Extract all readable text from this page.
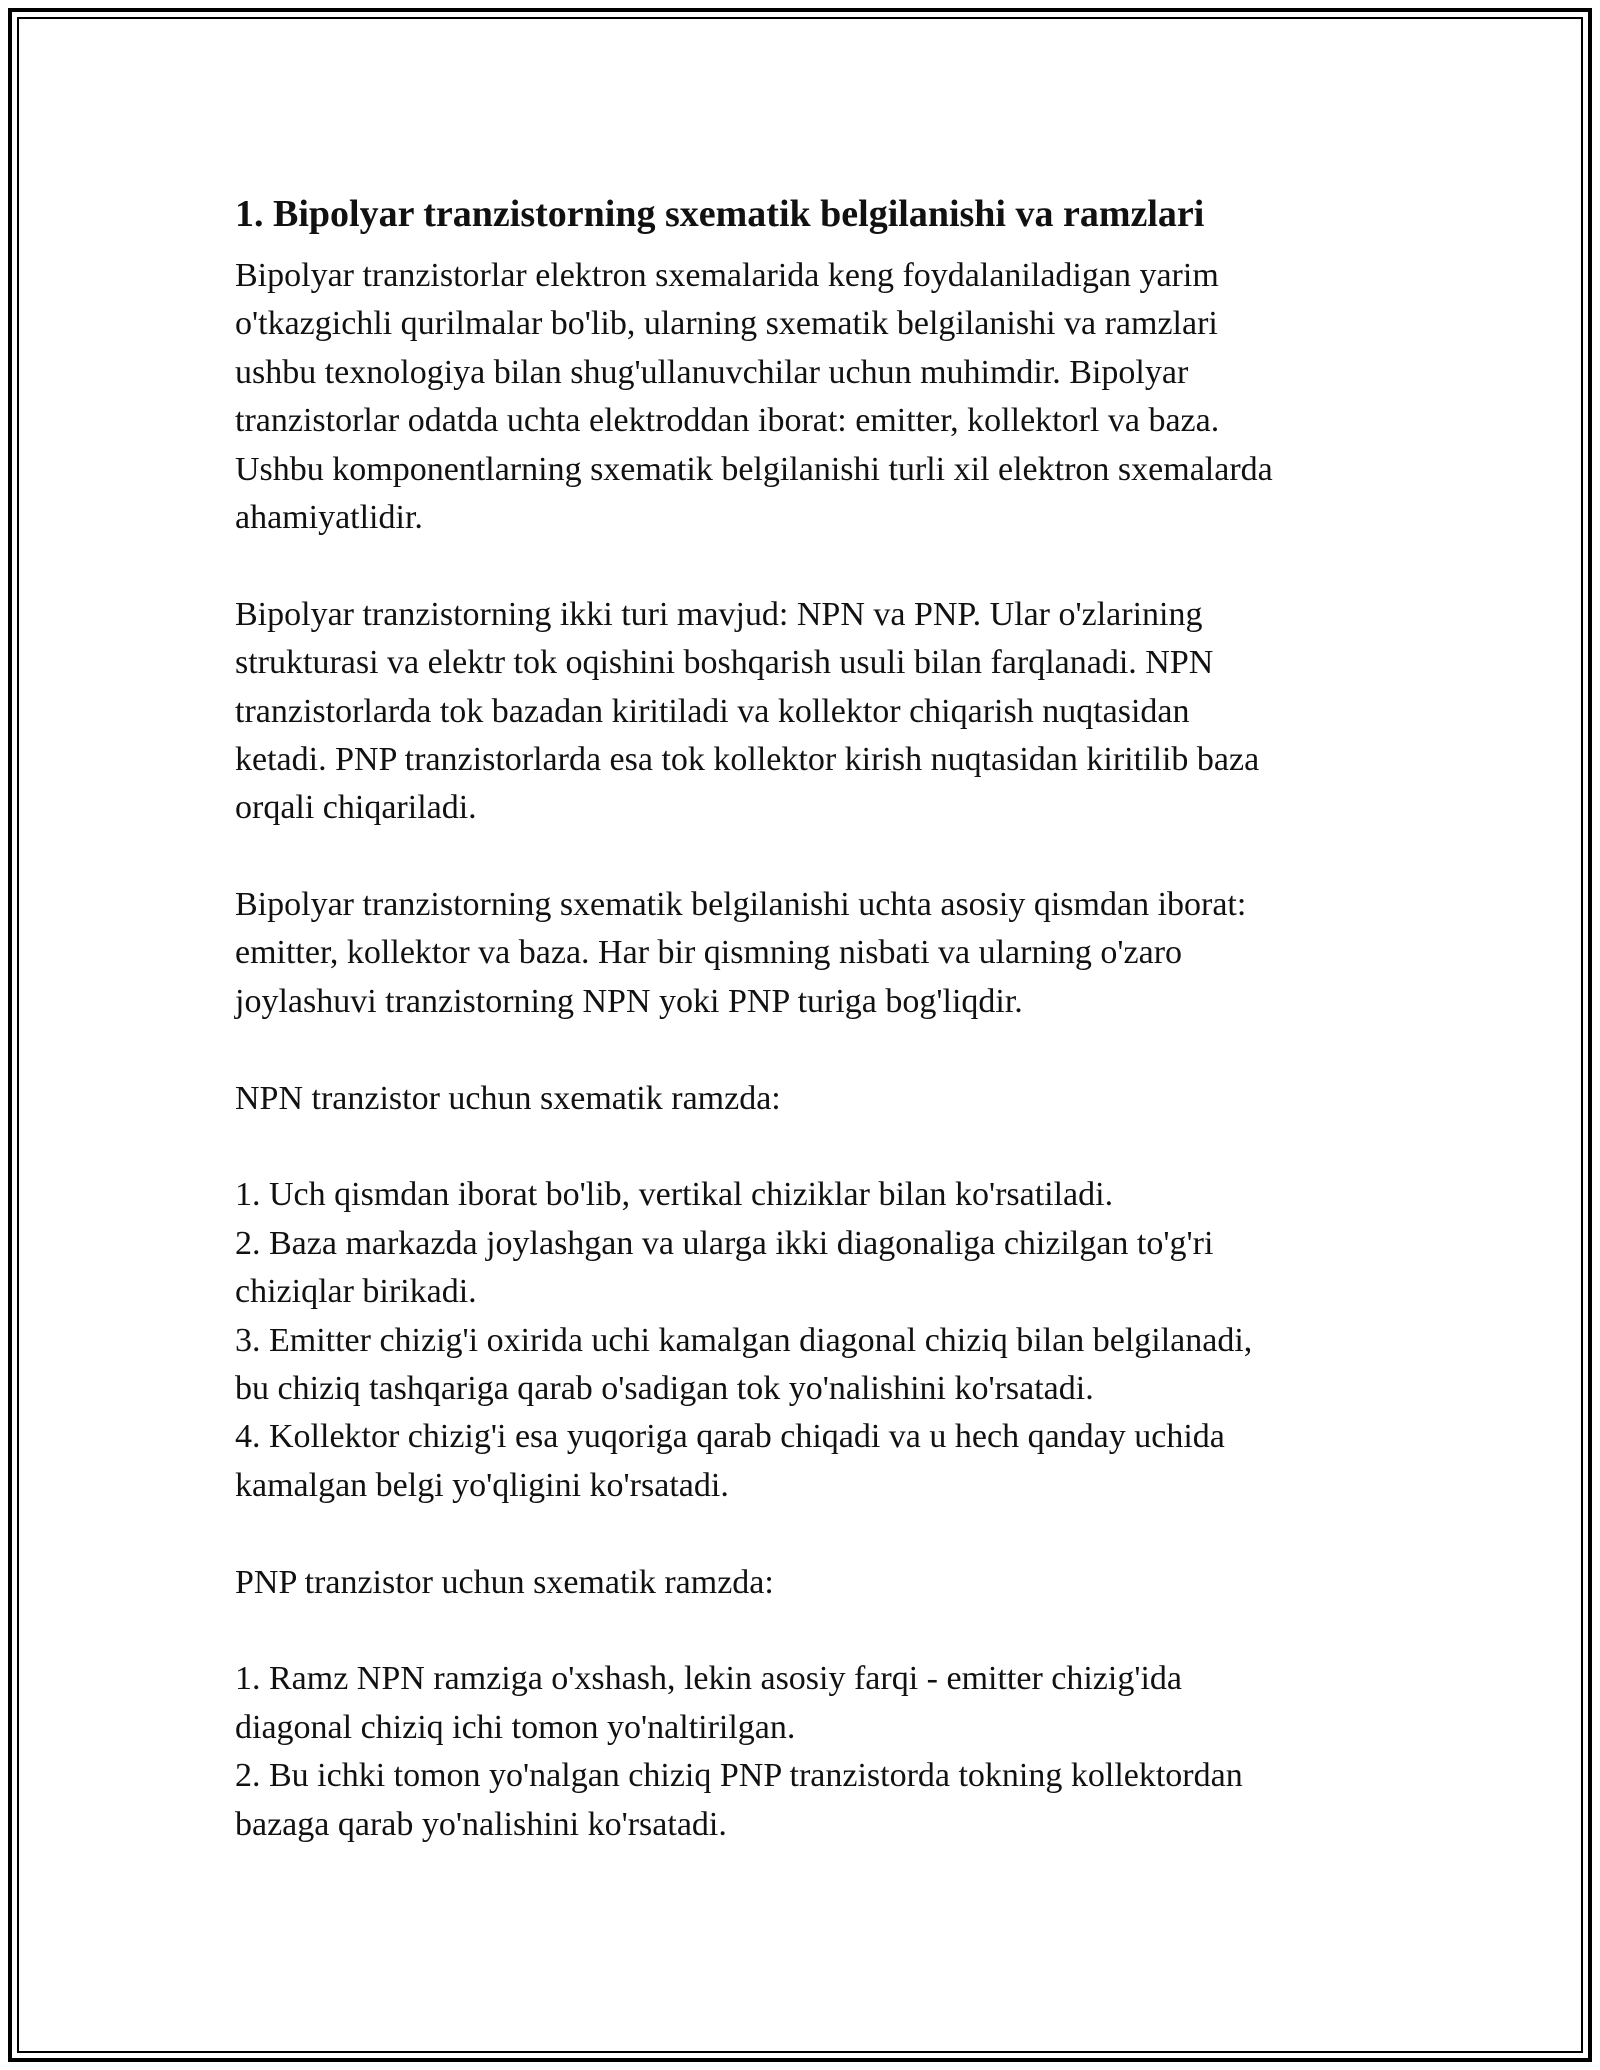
1. Bipolyar tranzistorning sxematik belgilanishi va ramzlari
Bipolyar tranzistorlar elektron sxemalarida keng foydalaniladigan yarim
o'tkazgichli qurilmalar bo'lib, ularning sxematik belgilanishi va ramzlari
ushbu texnologiya bilan shug'ullanuvchilar uchun muhimdir. Bipolyar
tranzistorlar odatda uchta elektroddan iborat: emitter, kollektorl va baza.
Ushbu komponentlarning sxematik belgilanishi turli xil elektron sxemalarda
ahamiyatlidir.
Bipolyar tranzistorning ikki turi mavjud: NPN va PNP. Ular o'zlarining
strukturasi va elektr tok oqishini boshqarish usuli bilan farqlanadi. NPN
tranzistorlarda tok bazadan kiritiladi va kollektor chiqarish nuqtasidan
ketadi. PNP tranzistorlarda esa tok kollektor kirish nuqtasidan kiritilib baza
orqali chiqariladi.
Bipolyar tranzistorning sxematik belgilanishi uchta asosiy qismdan iborat:
emitter, kollektor va baza. Har bir qismning nisbati va ularning o'zaro
joylashuvi tranzistorning NPN yoki PNP turiga bog'liqdir.
NPN tranzistor uchun sxematik ramzda:
1. Uch qismdan iborat bo'lib, vertikal chiziklar bilan ko'rsatiladi.
2. Baza markazda joylashgan va ularga ikki diagonaliga chizilgan to'g'ri
chiziqlar birikadi.
3. Emitter chizig'i oxirida uchi kamalgan diagonal chiziq bilan belgilanadi,
bu chiziq tashqariga qarab o'sadigan tok yo'nalishini ko'rsatadi.
4. Kollektor chizig'i esa yuqoriga qarab chiqadi va u hech qanday uchida
kamalgan belgi yo'qligini ko'rsatadi.
PNP tranzistor uchun sxematik ramzda:
1. Ramz NPN ramziga o'xshash, lekin asosiy farqi - emitter chizig'ida
diagonal chiziq ichi tomon yo'naltirilgan.
2. Bu ichki tomon yo'nalgan chiziq PNP tranzistorda tokning kollektordan
bazaga qarab yo'nalishini ko'rsatadi.
